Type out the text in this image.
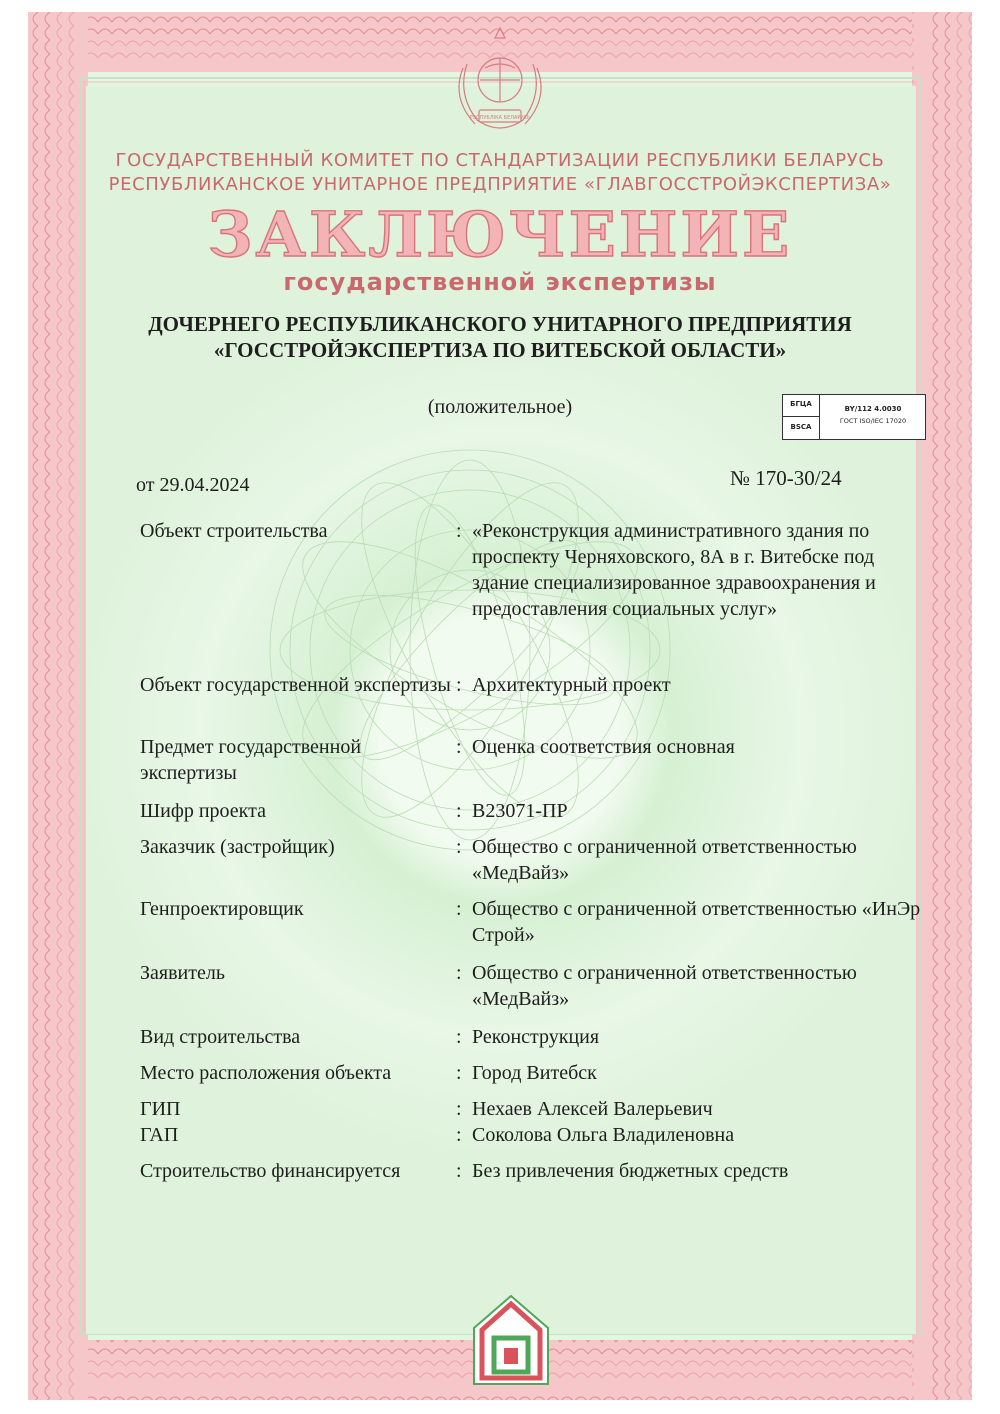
РЭСПУБЛІКА БЕЛАРУСЬ
ГОСУДАРСТВЕННЫЙ КОМИТЕТ ПО СТАНДАРТИЗАЦИИ РЕСПУБЛИКИ БЕЛАРУСЬ
РЕСПУБЛИКАНСКОЕ УНИТАРНОЕ ПРЕДПРИЯТИЕ «ГЛАВГОССТРОЙЭКСПЕРТИЗА»
ЗАКЛЮЧЕНИЕ
государственной экспертизы
ДОЧЕРНЕГО РЕСПУБЛИКАНСКОГО УНИТАРНОГО ПРЕДПРИЯТИЯ
«ГОССТРОЙЭКСПЕРТИЗА ПО ВИТЕБСКОЙ ОБЛАСТИ»
(положительное)	БГЦА
BSCA
BY/112 4.0030
ГОСТ ISO/IEC 17020
от 29.04.2024	№ 170-30/24
Объект строительства	: «Реконструкция административного здания по проспекту Черняховского, 8А в г. Витебске под здание специализированное здравоохранения и предоставления социальных услуг»
Объект государственной экспертизы : Архитектурный проект
Предмет государственной экспертизы
: Оценка соответствия основная
Шифр проекта	: В23071-ПР
Заказчик (застройщик)	: Общество с ограниченной ответственностью «МедВайз»
Генпроектировщик	: Общество с ограниченной ответственностью «ИнЭр Строй»
Заявитель	: Общество с ограниченной ответственностью «МедВайз»
Вид строительства	: Реконструкция
Место расположения объекта	: Город Витебск
ГИП	: Нехаев Алексей Валерьевич
ГАП	: Соколова Ольга Владиленовна
Строительство финансируется	: Без привлечения бюджетных средств
